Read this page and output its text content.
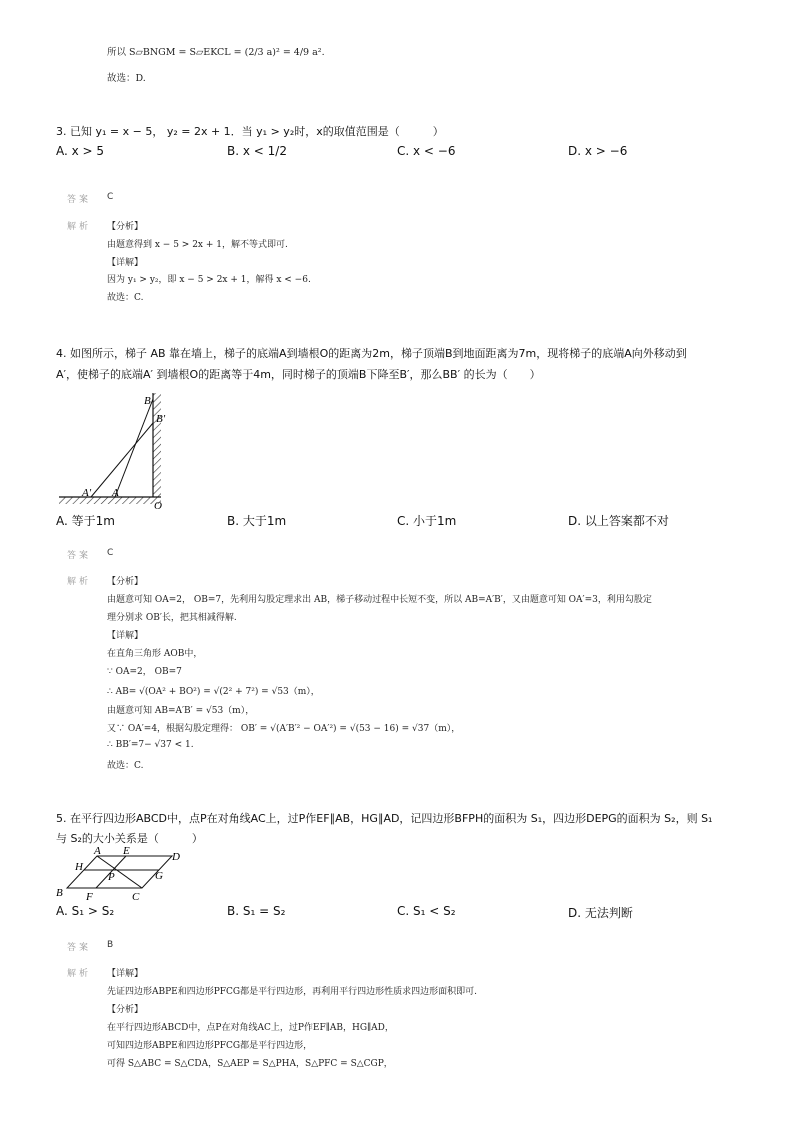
所以 S▱BNGM = S▱EKCL = (2/3 a)² = 4/9 a².
故选：D.
3. 已知 y₁ = x − 5， y₂ = 2x + 1．当 y₁ > y₂时，x的取值范围是（　　　）
A. x > 5	B. x < 1/2	C. x < −6	D. x > −6
答案 C
解析 【分析】
由题意得到 x − 5 > 2x + 1，解不等式即可.
【详解】
因为 y₁ > y₂，即 x − 5 > 2x + 1，解得 x < −6.
故选：C.
4. 如图所示，梯子 AB 靠在墙上，梯子的底端A到墙根O的距离为2m，梯子顶端B到地面距离为7m，现将梯子的底端A向外移动到
A′，使梯子的底端A′ 到墙根O的距离等于4m，同时梯子的顶端B下降至B′，那么BB′ 的长为（　　）
B
B′
A′ A
O
A. 等于1m	B. 大于1m	C. 小于1m	D. 以上答案都不对
答案 C
解析 【分析】
由题意可知 OA=2， OB=7，先利用勾股定理求出 AB，梯子移动过程中长短不变，所以 AB=A′B′，又由题意可知 OA′=3，利用勾股定
理分别求 OB′长，把其相减得解.
【详解】
在直角三角形 AOB中，
∵ OA=2， OB=7
∴ AB= √(OA² + BO²) = √(2² + 7²) = √53（m），
由题意可知 AB=A′B′ = √53（m），
又∵ OA′=4，根据勾股定理得： OB′ = √(A′B′² − OA′²) = √(53 − 16) = √37（m），
∴ BB′=7− √37 < 1.
故选：C.
5. 在平行四边形ABCD中，点P在对角线AC上，过P作EF∥AB，HG∥AD，记四边形BFPH的面积为 S₁，四边形DEPG的面积为 S₂，则 S₁
与 S₂的大小关系是（　　　）
A E	D
H
P	G
B F	C
A. S₁ > S₂	B. S₁ = S₂	C. S₁ < S₂	D. 无法判断
答案 B
解析 【详解】
先证四边形ABPE和四边形PFCG都是平行四边形，再利用平行四边形性质求四边形面积即可.
【分析】
在平行四边形ABCD中，点P在对角线AC上，过P作EF∥AB，HG∥AD，
可知四边形ABPE和四边形PFCG都是平行四边形，
可得 S△ABC = S△CDA，S△AEP = S△PHA，S△PFC = S△CGP，
